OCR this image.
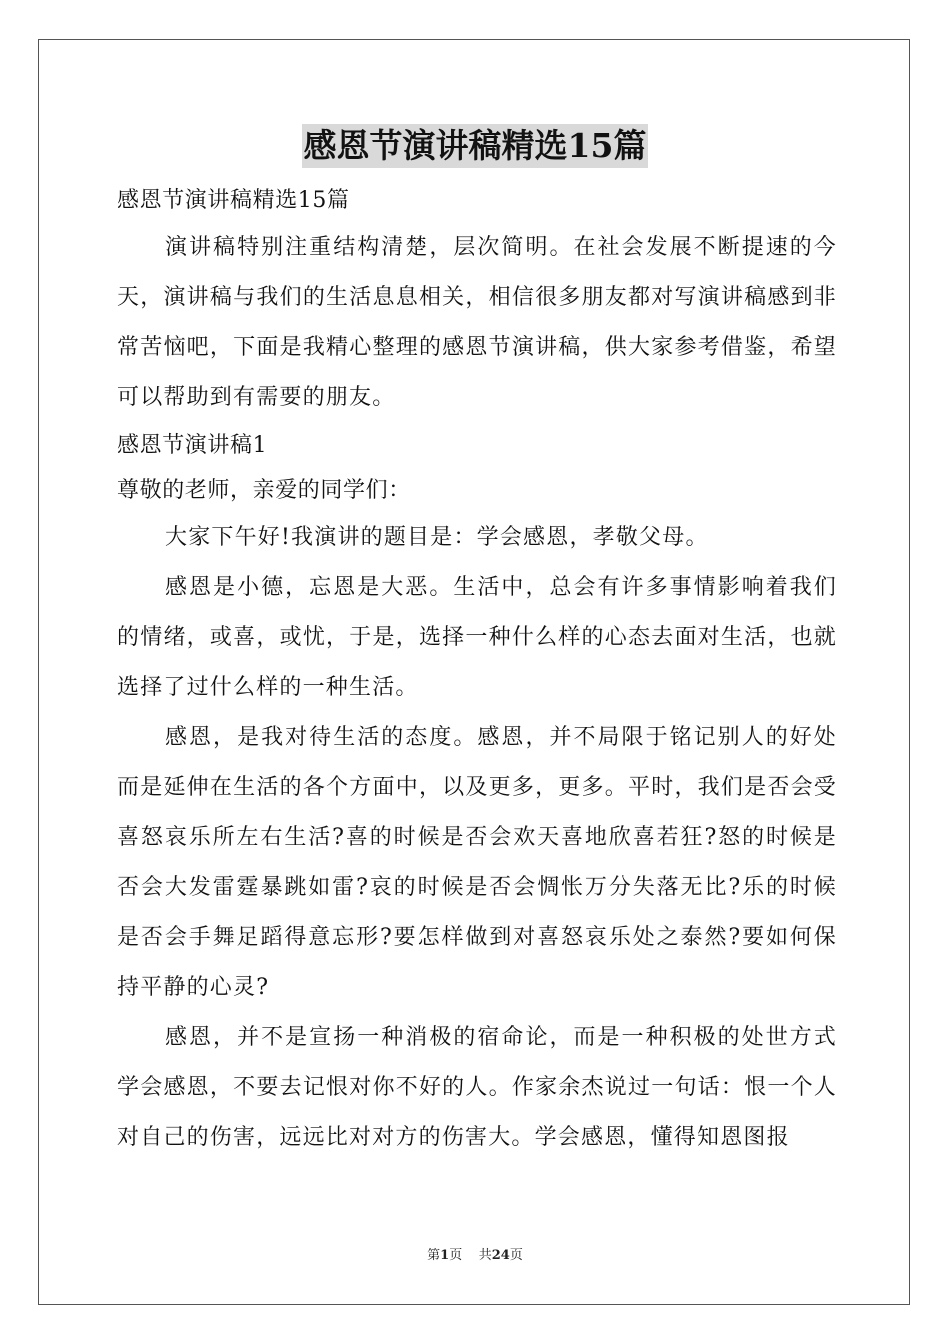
感恩节演讲稿精选15篇

感恩节演讲稿精选15篇

演讲稿特别注重结构清楚，层次简明。在社会发展不断提速的今天，演讲稿与我们的生活息息相关，相信很多朋友都对写演讲稿感到非常苦恼吧，下面是我精心整理的感恩节演讲稿，供大家参考借鉴，希望可以帮助到有需要的朋友。

感恩节演讲稿1

尊敬的老师，亲爱的同学们：

大家下午好!我演讲的题目是：学会感恩，孝敬父母。

感恩是小德，忘恩是大恶。生活中，总会有许多事情影响着我们的情绪，或喜，或忧，于是，选择一种什么样的心态去面对生活，也就选择了过什么样的一种生活。

感恩，是我对待生活的态度。感恩，并不局限于铭记别人的好处而是延伸在生活的各个方面中，以及更多，更多。平时，我们是否会受喜怒哀乐所左右生活?喜的时候是否会欢天喜地欣喜若狂?怒的时候是否会大发雷霆暴跳如雷?哀的时候是否会惆怅万分失落无比?乐的时候是否会手舞足蹈得意忘形?要怎样做到对喜怒哀乐处之泰然?要如何保持平静的心灵?

感恩，并不是宣扬一种消极的宿命论，而是一种积极的处世方式学会感恩，不要去记恨对你不好的人。作家余杰说过一句话：恨一个人对自己的伤害，远远比对对方的伤害大。学会感恩，懂得知恩图报

第1页 共24页
